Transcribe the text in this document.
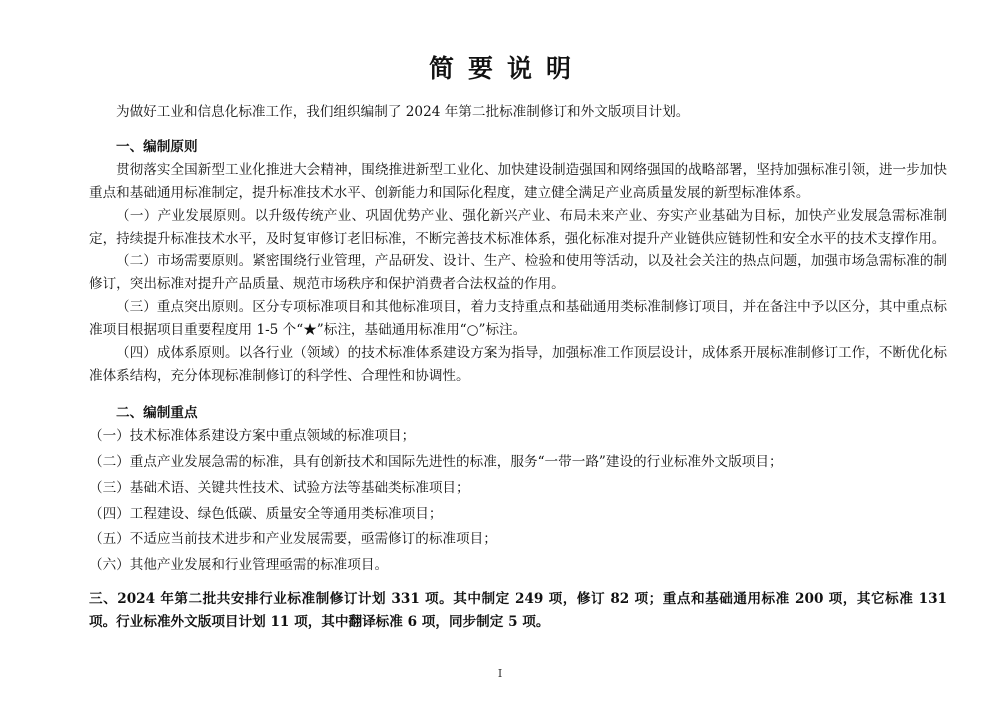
简要说明

为做好工业和信息化标准工作，我们组织编制了 2024 年第二批标准制修订和外文版项目计划。

一、编制原则

贯彻落实全国新型工业化推进大会精神，围绕推进新型工业化、加快建设制造强国和网络强国的战略部署，坚持加强标准引领，进一步加快重点和基础通用标准制定，提升标准技术水平、创新能力和国际化程度，建立健全满足产业高质量发展的新型标准体系。

（一）产业发展原则。以升级传统产业、巩固优势产业、强化新兴产业、布局未来产业、夯实产业基础为目标，加快产业发展急需标准制定，持续提升标准技术水平，及时复审修订老旧标准，不断完善技术标准体系，强化标准对提升产业链供应链韧性和安全水平的技术支撑作用。

（二）市场需要原则。紧密围绕行业管理，产品研发、设计、生产、检验和使用等活动，以及社会关注的热点问题，加强市场急需标准的制修订，突出标准对提升产品质量、规范市场秩序和保护消费者合法权益的作用。

（三）重点突出原则。区分专项标准项目和其他标准项目，着力支持重点和基础通用类标准制修订项目，并在备注中予以区分，其中重点标准项目根据项目重要程度用 1-5 个“★”标注，基础通用标准用“○”标注。

（四）成体系原则。以各行业（领域）的技术标准体系建设方案为指导，加强标准工作顶层设计，成体系开展标准制修订工作，不断优化标准体系结构，充分体现标准制修订的科学性、合理性和协调性。

二、编制重点

（一）技术标准体系建设方案中重点领域的标准项目；

（二）重点产业发展急需的标准，具有创新技术和国际先进性的标准，服务“一带一路”建设的行业标准外文版项目；

（三）基础术语、关键共性技术、试验方法等基础类标准项目；

（四）工程建设、绿色低碳、质量安全等通用类标准项目；

（五）不适应当前技术进步和产业发展需要，亟需修订的标准项目；

（六）其他产业发展和行业管理亟需的标准项目。

三、2024 年第二批共安排行业标准制修订计划 331 项。其中制定 249 项，修订 82 项；重点和基础通用标准 200 项，其它标准 131 项。行业标准外文版项目计划 11 项，其中翻译标准 6 项，同步制定 5 项。

I
